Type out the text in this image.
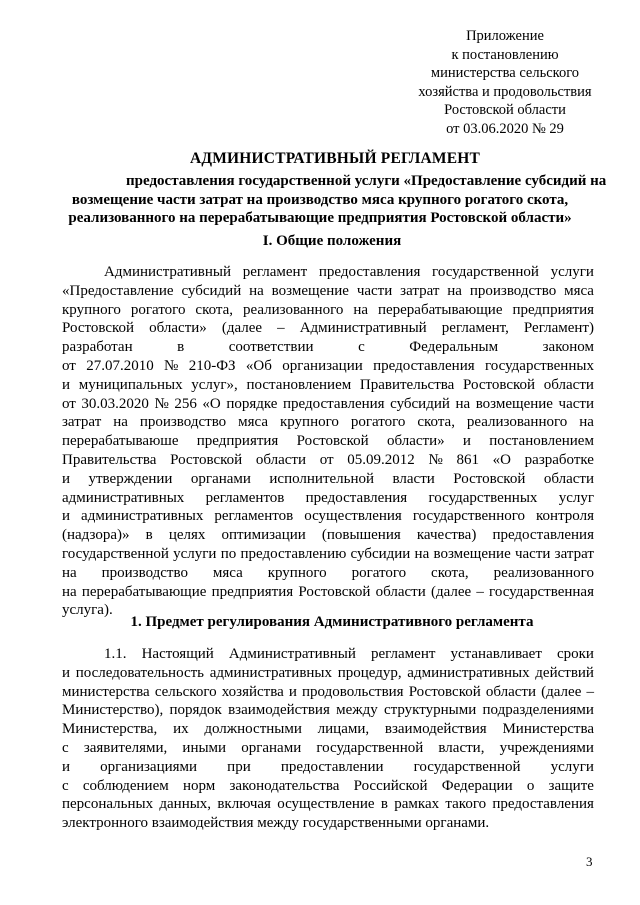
Приложение
к постановлению
министерства сельского
хозяйства и продовольствия
Ростовской области
от 03.06.2020 № 29
АДМИНИСТРАТИВНЫЙ РЕГЛАМЕНТ
предоставления государственной услуги «Предоставление субсидий на
возмещение части затрат на производство мяса крупного рогатого скота,
реализованного на перерабатывающие предприятия Ростовской области»
I. Общие положения
Административный регламент предоставления государственной услуги
«Предоставление субсидий на возмещение части затрат на производство мяса
крупного рогатого скота, реализованного на перерабатывающие предприятия
Ростовской области» (далее – Административный регламент, Регламент)
разработан	в	соответствии	с	Федеральным	законом
от 27.07.2010 № 210-ФЗ «Об организации предоставления государственных
и муниципальных услуг», постановлением Правительства Ростовской области
от 30.03.2020 № 256 «О порядке предоставления субсидий на возмещение части
затрат на производство мяса крупного рогатого скота, реализованного на
перерабатываюше предприятия Ростовской области» и постановлением
Правительства Ростовской области от 05.09.2012 № 861 «О разработке
и утверждении органами исполнительной власти Ростовской области
административных регламентов предоставления государственных услуг
и административных регламентов осуществления государственного контроля
(надзора)» в целях оптимизации (повышения качества) предоставления
государственной услуги по предоставлению субсидии на возмещение части затрат
на производство мяса крупного рогатого скота, реализованного
на перерабатывающие предприятия Ростовской области (далее – государственная
услуга).
1. Предмет регулирования Административного регламента
1.1. Настоящий Административный регламент устанавливает сроки
и последовательность административных процедур, административных действий
министерства сельского хозяйства и продовольствия Ростовской области (далее –
Министерство), порядок взаимодействия между структурными подразделениями
Министерства, их должностными лицами, взаимодействия Министерства
с заявителями, иными органами государственной власти, учреждениями
и организациями при предоставлении государственной услуги
с соблюдением норм законодательства Российской Федерации о защите
персональных данных, включая осуществление в рамках такого предоставления
электронного взаимодействия между государственными органами.
3
